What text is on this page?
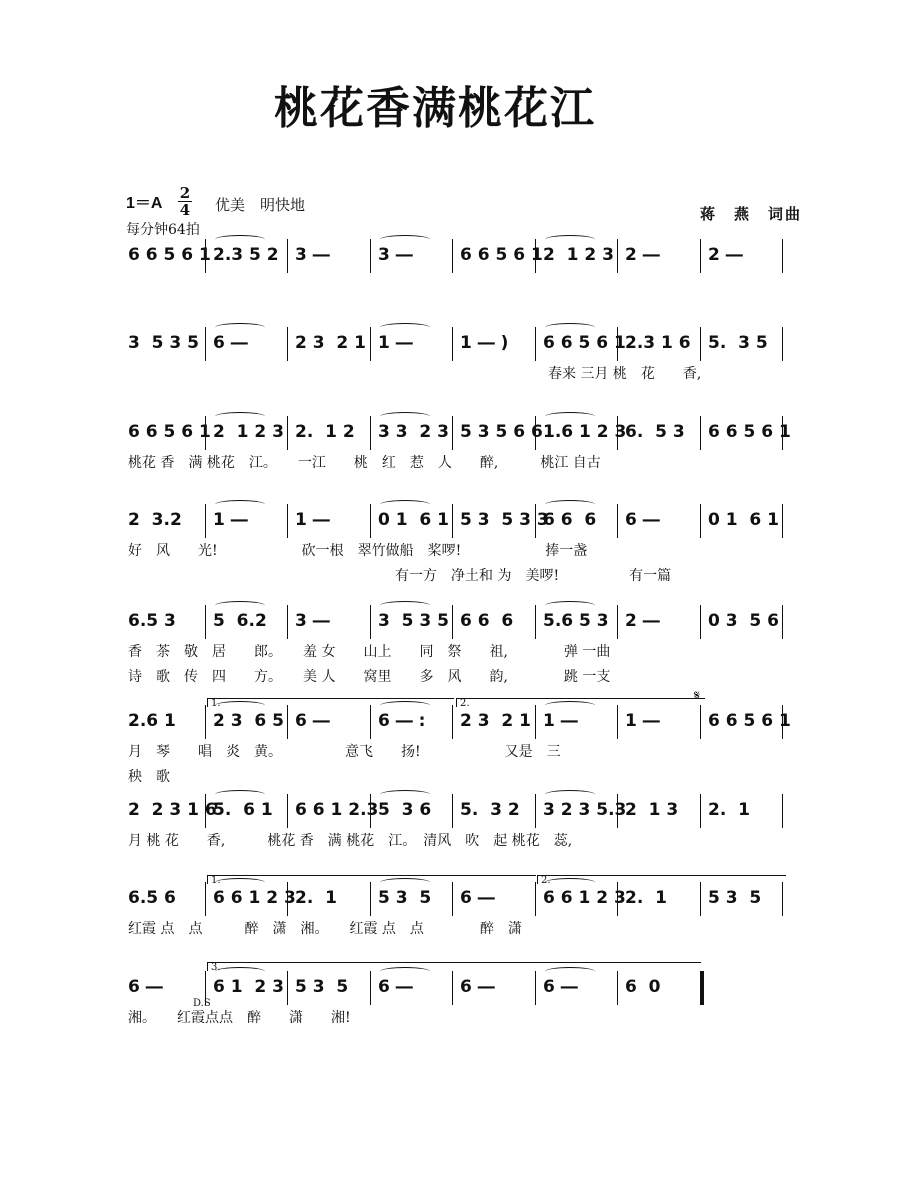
桃花香满桃花江
1＝A
2
4 优美　明快地
每分钟64拍
蒋　燕　词曲
6 6 5 6 1 2.3 5 2 3 ―	3 ―	6 6 5 6 1 2  1 2 3 2 ―	2 ―
3  5 3 5 6 ―	2 3  2 1 1 ―	1 ― ) 6 6 5 6 1 2.3 1 6 5.  3 5
春来 三月 桃　花　　香,
6 6 5 6 1 2  1 2 3 2.  1 2 3 3  2 3 5 3 5 6 6 1.6 1 2 3
6.  5 3 6 6 5 6 1
桃花 香　满 桃花　江。　　一江　　桃　红　惹　人　　醉,　　　桃江 自古
2  3.2 1 ―	1 ―	0 1  6 1 5 3  5 3 3
6 6  6 6 ―	0 1  6 1
好　风　　光!　　　　　　砍一根　翠竹做船　桨啰!　　　　　　捧一盏
有一方　净土和 为　美啰!　　　　　有一篇
6.5 3 5  6.2 3 ―	3  5 3 5 6 6  6 5.6 5 3 2 ―	0 3  5 6
香　茶　敬　居　　郎。　　羞 女　　山上　　同　祭　　祖,　　　　弹 一曲
诗　歌　传　四　　方。　　美 人　　窝里　　多　风　　韵,　　　　跳 一支
2.6 1 2 3  6 5 6 ―	6 ― : 2 3  2 1 1 ―	1 ―	6 6 5 6 1
月　琴　　唱　炎　黄。　　　　　意飞　　扬!　　　　　　又是　三
秧　歌
2  2 3 1 6
5.  6 1 6 6 1 2.3 5  3 6 5.  3 2 3 2 3 5.3
2  1 3 2.  1
月 桃 花　　香,　　　桃花 香　满 桃花　江。　清风　吹　起 桃花　蕊,
6.5 6 6 6 1 2 3 2.  1 5 3  5 6 ―	6 6 1 2 3 2.  1 5 3  5
红霞 点　点　　　醉　潇　湘。　　红霞 点　点　　　　醉　潇
6 ―	6 1  2 3 5 3  5 6 ―	6 ―	6 ―	6  0
湘。　　红霞点点　醉　　潇　　湘!
1.	2.
1.	2.
3.
D.S
𝄋
